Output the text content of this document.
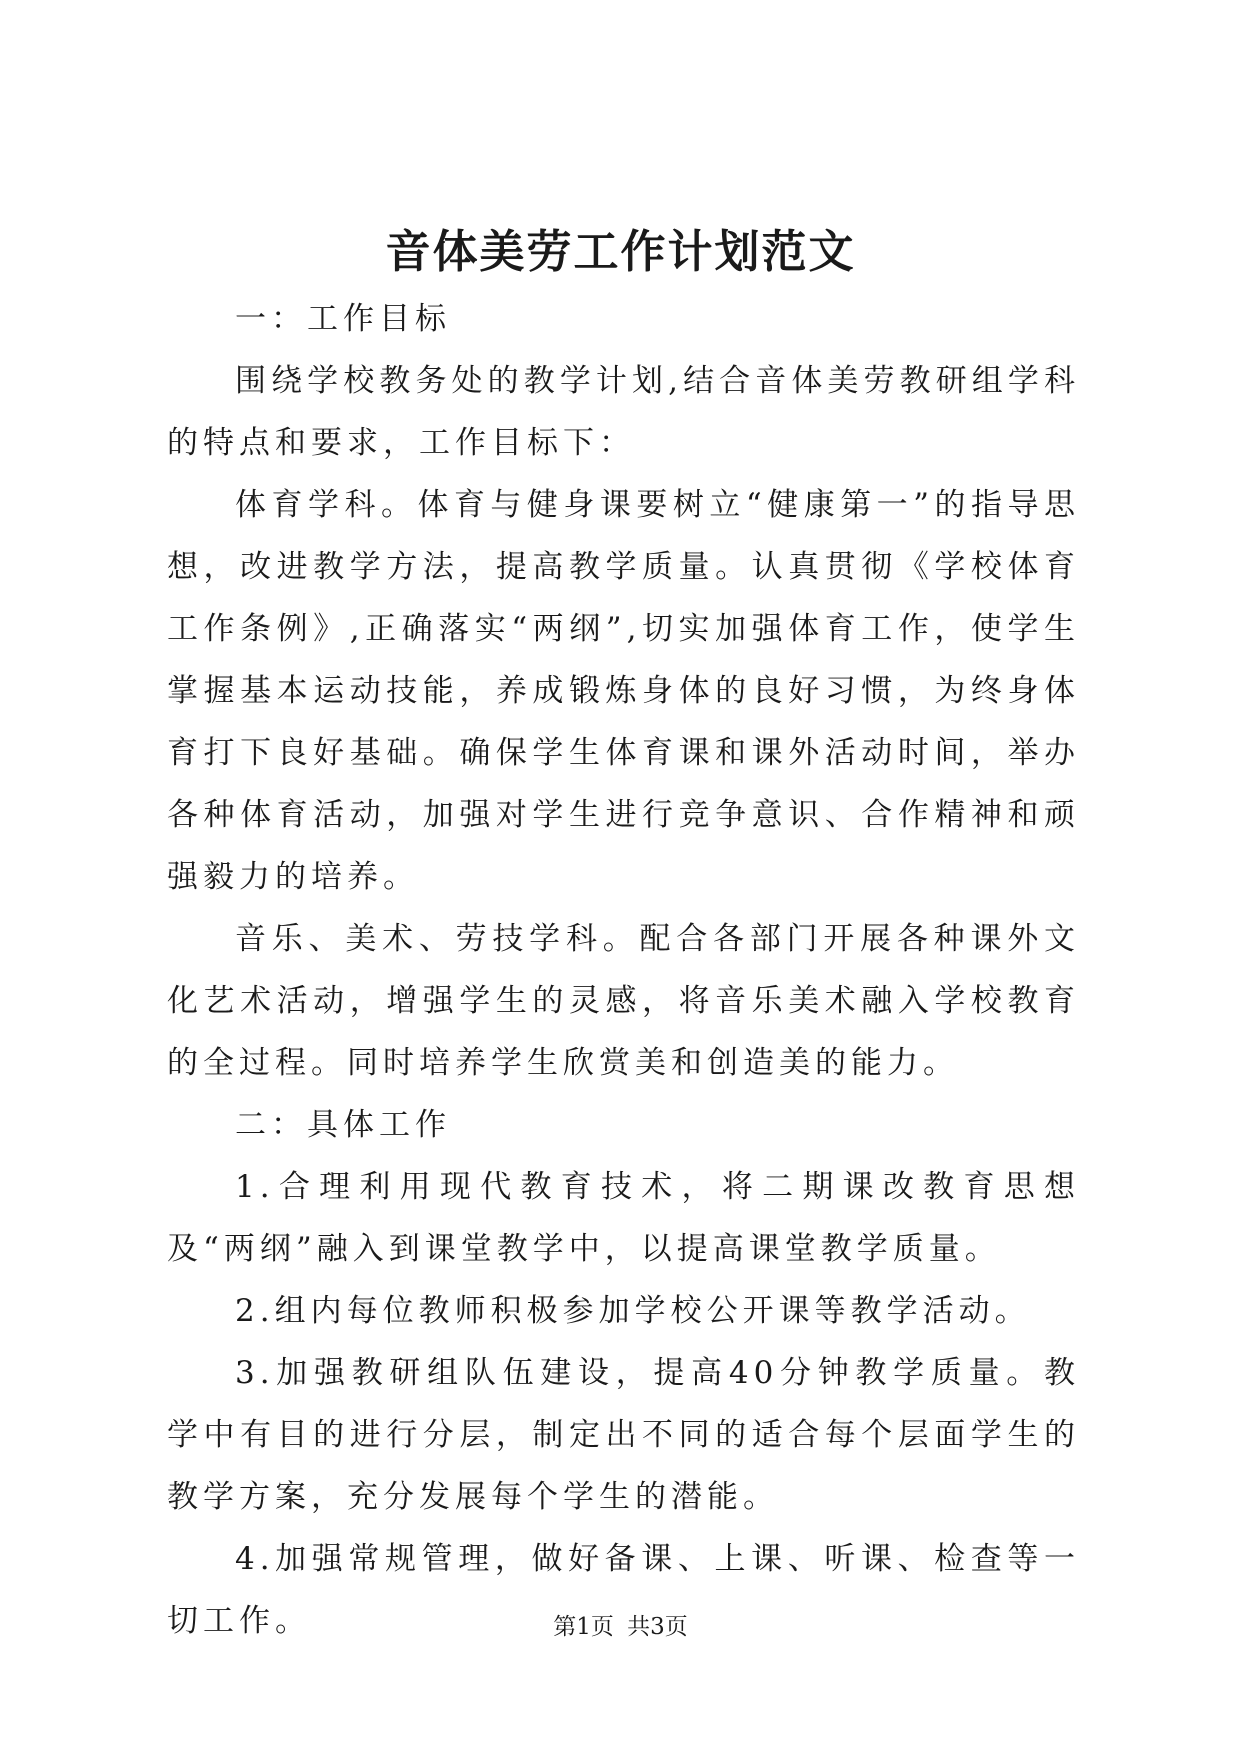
音体美劳工作计划范文

一：工作目标

围绕学校教务处的教学计划,结合音体美劳教研组学科的特点和要求，工作目标下：

体育学科。体育与健身课要树立“健康第一”的指导思想，改进教学方法，提高教学质量。认真贯彻《学校体育工作条例》,正确落实“两纲”,切实加强体育工作，使学生掌握基本运动技能，养成锻炼身体的良好习惯，为终身体育打下良好基础。确保学生体育课和课外活动时间，举办各种体育活动，加强对学生进行竞争意识、合作精神和顽强毅力的培养。

音乐、美术、劳技学科。配合各部门开展各种课外文化艺术活动，增强学生的灵感，将音乐美术融入学校教育的全过程。同时培养学生欣赏美和创造美的能力。

二：具体工作

1.合理利用现代教育技术，将二期课改教育思想及“两纲”融入到课堂教学中，以提高课堂教学质量。

2.组内每位教师积极参加学校公开课等教学活动。

3.加强教研组队伍建设，提高40分钟教学质量。教学中有目的进行分层，制定出不同的适合每个层面学生的教学方案，充分发展每个学生的潜能。

4.加强常规管理，做好备课、上课、听课、检查等一切工作。	第1页 共3页
